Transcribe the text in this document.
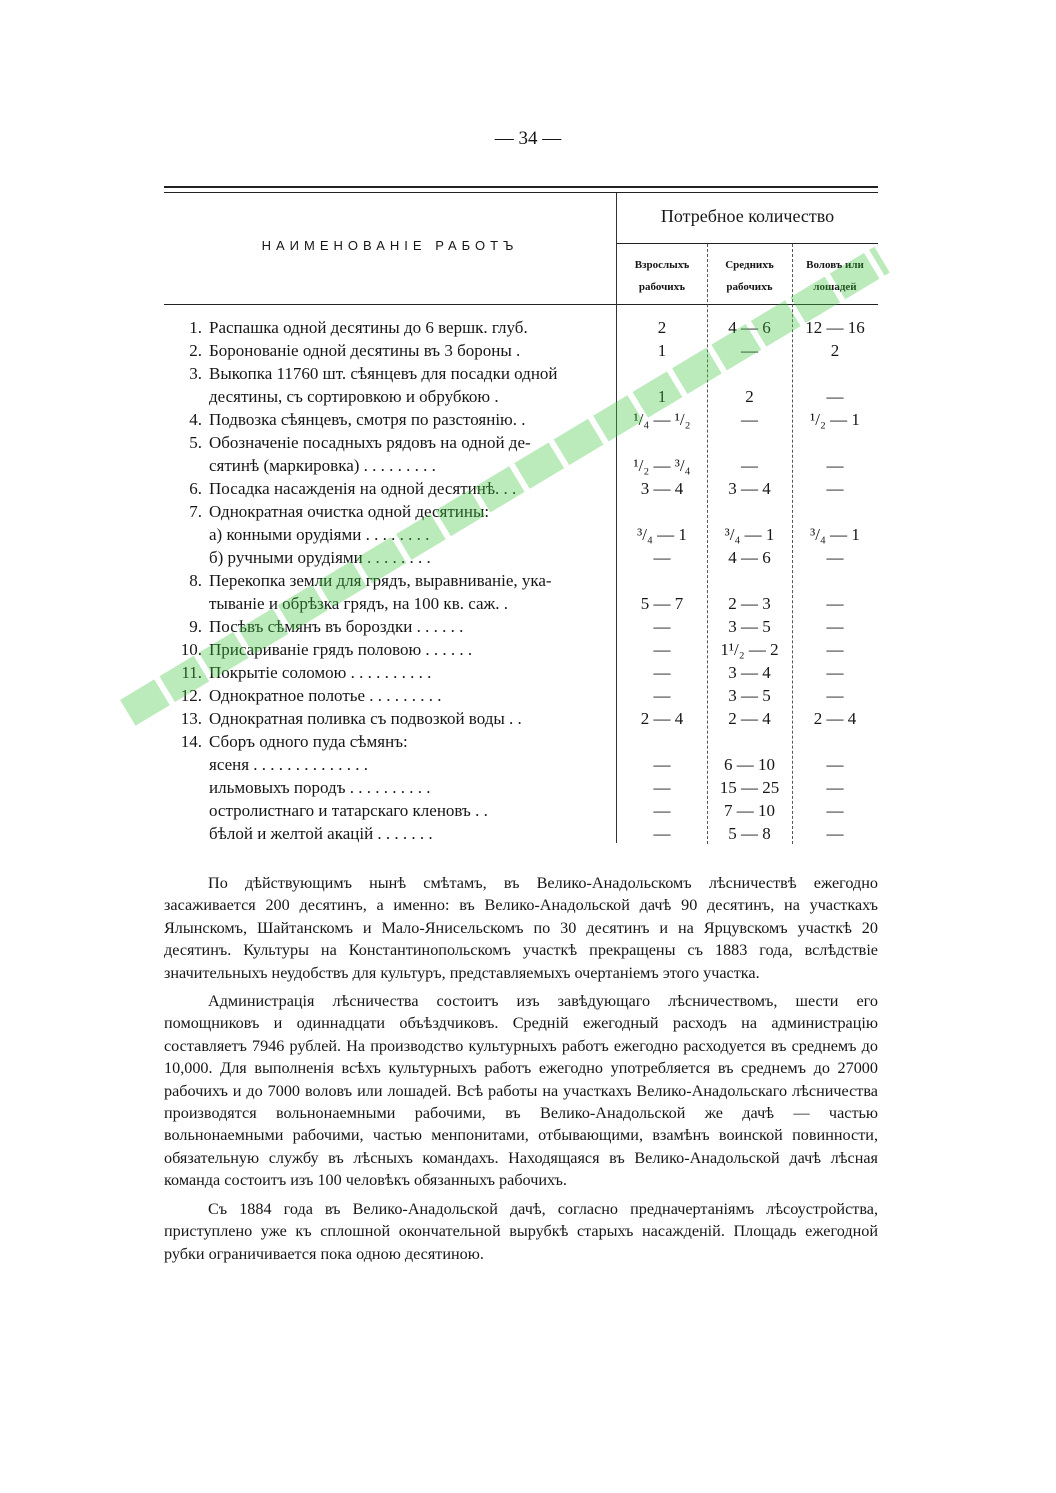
— 34 —
НАИМЕНОВАНІЕ РАБОТЪ
Потребное количество
Взрослыхъ рабочихъ
Среднихъ рабочихъ
Воловъ или лошадей
1. Распашка одной десятины до 6 вершк. глуб.	2	4 — 6	12 — 16
2. Боронованіе одной десятины въ 3 бороны .	1	—	2
3. Выкопка 11760 шт. сѣянцевъ для посадки одной
десятины, съ сортировкою и обрубкою .	1	2	—
4. Подвозка сѣянцевъ, смотря по разстоянію. .	¹/₄ — ¹/₂	—	¹/₂ — 1
5. Обозначеніе посадныхъ рядовъ на одной де-
сятинѣ (маркировка) . . . . . . . . .	¹/₂ — ³/₄	—	—
6. Посадка насажденія на одной десятинѣ. . .	3 — 4	3 — 4	—
7. Однократная очистка одной десятины:
а) конными орудіями . . . . . . . .	³/₄ — 1	³/₄ — 1	³/₄ — 1
б) ручными орудіями . . . . . . . .	—	4 — 6	—
8. Перекопка земли для грядъ, выравниваніе, ука-
тываніе и обрѣзка грядъ, на 100 кв. саж. .	5 — 7	2 — 3	—
9. Посѣвъ сѣмянъ въ бороздки . . . . . .	—	3 — 5	—
10. Присариваніе грядъ половою . . . . . .	—	1¹/₂ — 2	—
11. Покрытіе соломою . . . . . . . . . .	—	3 — 4	—
12. Однократное полотье . . . . . . . . .	—	3 — 5	—
13. Однократная поливка съ подвозкой воды . .	2 — 4	2 — 4	2 — 4
14. Сборъ одного пуда сѣмянъ:
ясеня . . . . . . . . . . . . . .	—	6 — 10	—
ильмовыхъ породъ . . . . . . . . . .	—	15 — 25	—
остролистнаго и татарскаго кленовъ . .	—	7 — 10	—
бѣлой и желтой акацій . . . . . . .	—	5 — 8	—

По дѣйствующимъ нынѣ смѣтамъ, въ Велико-Анадольскомъ лѣсничествѣ ежегодно засаживается 200 десятинъ, а именно: въ Велико-Анадольской дачѣ 90 десятинъ, на участкахъ Ялынскомъ, Шайтанскомъ и Мало-Янисельскомъ по 30 десятинъ и на Ярцувскомъ участкѣ 20 десятинъ. Культуры на Константинопольскомъ участкѣ прекращены съ 1883 года, вслѣдствіе значительныхъ неудобствъ для культуръ, представляемыхъ очертаніемъ этого участка.

Администрація лѣсничества состоитъ изъ завѣдующаго лѣсничествомъ, шести его помощниковъ и одиннадцати объѣздчиковъ. Средній ежегодный расходъ на администрацію составляетъ 7946 рублей. На производство культурныхъ работъ ежегодно расходуется въ среднемъ до 10,000. Для выполненія всѣхъ культурныхъ работъ ежегодно употребляется въ среднемъ до 27000 рабочихъ и до 7000 воловъ или лошадей. Всѣ работы на участкахъ Велико-Анадольскаго лѣсничества производятся вольнонаемными рабочими, въ Велико-Анадольской же дачѣ — частью вольнонаемными рабочими, частью менпонитами, отбывающими, взамѣнъ воинской повинности, обязательную службу въ лѣсныхъ командахъ. Находящаяся въ Велико-Анадольской дачѣ лѣсная команда состоитъ изъ 100 человѣкъ обязанныхъ рабочихъ.

Съ 1884 года въ Велико-Анадольской дачѣ, согласно предначертаніямъ лѣсоустройства, приступлено уже къ сплошной окончательной вырубкѣ старыхъ насажденій. Площадь ежегодной рубки ограничивается пока одною десятиною.
